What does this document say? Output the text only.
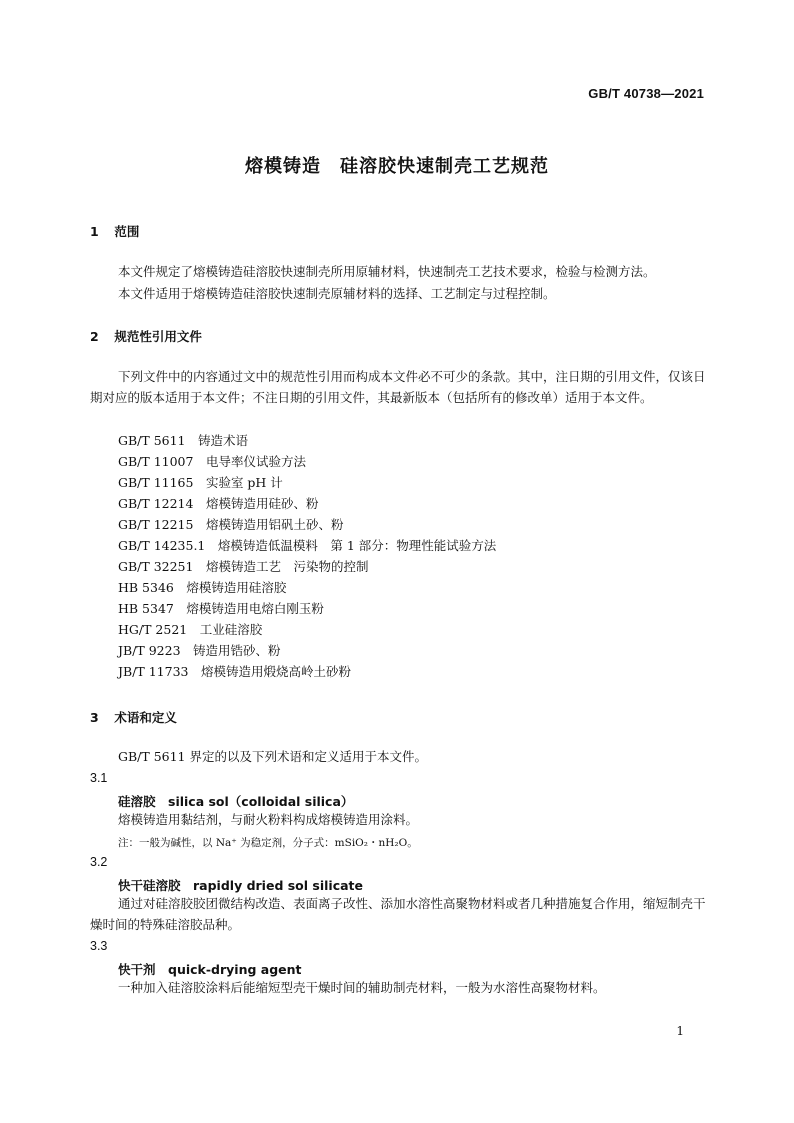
GB/T 40738—2021
熔模铸造　硅溶胶快速制壳工艺规范
1 范围
本文件规定了熔模铸造硅溶胶快速制壳所用原辅材料，快速制壳工艺技术要求，检验与检测方法。
本文件适用于熔模铸造硅溶胶快速制壳原辅材料的选择、工艺制定与过程控制。
2 规范性引用文件
下列文件中的内容通过文中的规范性引用而构成本文件必不可少的条款。其中，注日期的引用文件，仅该日期对应的版本适用于本文件；不注日期的引用文件，其最新版本（包括所有的修改单）适用于本文件。
GB/T 5611　铸造术语
GB/T 11007　电导率仪试验方法
GB/T 11165　实验室 pH 计
GB/T 12214　熔模铸造用硅砂、粉
GB/T 12215　熔模铸造用铝矾土砂、粉
GB/T 14235.1　熔模铸造低温模料　第 1 部分：物理性能试验方法
GB/T 32251　熔模铸造工艺　污染物的控制
HB 5346　熔模铸造用硅溶胶
HB 5347　熔模铸造用电熔白刚玉粉
HG/T 2521　工业硅溶胶
JB/T 9223　铸造用锆砂、粉
JB/T 11733　熔模铸造用煅烧高岭土砂粉
3 术语和定义
GB/T 5611 界定的以及下列术语和定义适用于本文件。
3.1
硅溶胶　silica sol（colloidal silica）
熔模铸造用黏结剂，与耐火粉料构成熔模铸造用涂料。
注：一般为碱性，以 Na⁺ 为稳定剂，分子式：mSiO₂・nH₂O。
3.2
快干硅溶胶　rapidly dried sol silicate
通过对硅溶胶胶团微结构改造、表面离子改性、添加水溶性高聚物材料或者几种措施复合作用，缩短制壳干燥时间的特殊硅溶胶品种。
3.3
快干剂　quick-drying agent
一种加入硅溶胶涂料后能缩短型壳干燥时间的辅助制壳材料，一般为水溶性高聚物材料。
1
